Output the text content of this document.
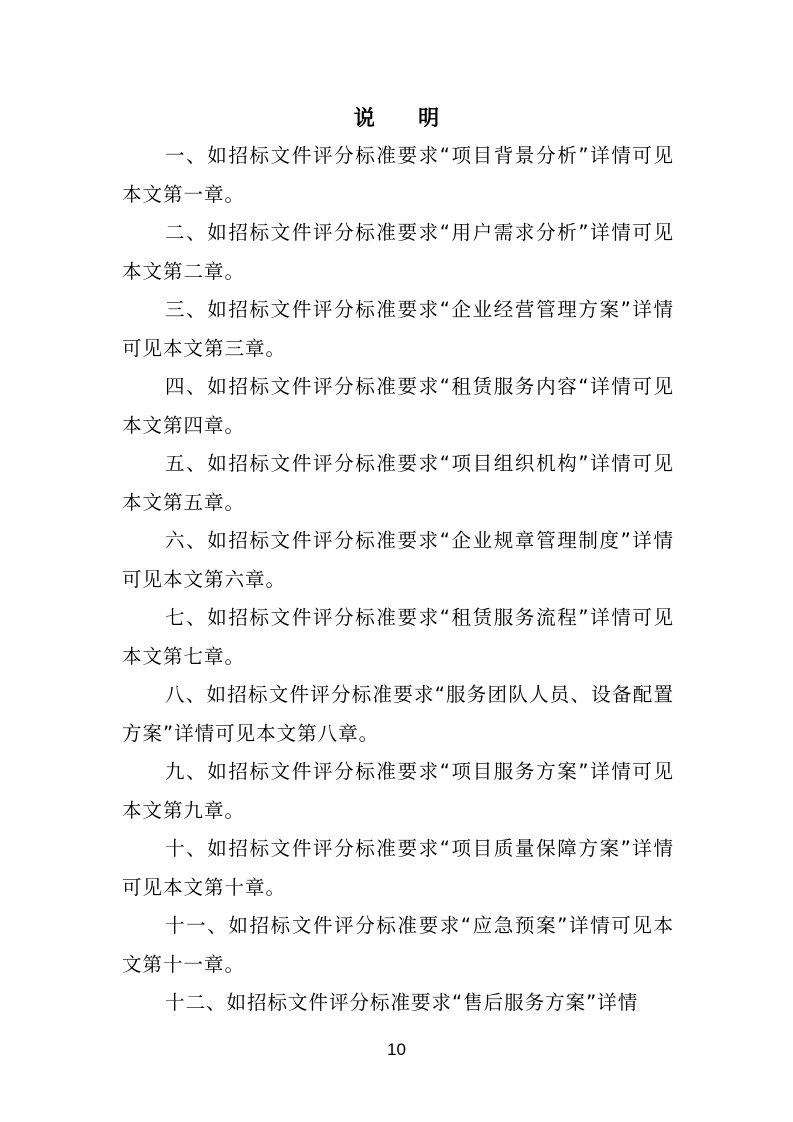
说 明

一、如招标文件评分标准要求“项目背景分析”详情可见本文第一章。

二、如招标文件评分标准要求“用户需求分析”详情可见本文第二章。

三、如招标文件评分标准要求“企业经营管理方案”详情可见本文第三章。

四、如招标文件评分标准要求“租赁服务内容“详情可见本文第四章。

五、如招标文件评分标准要求“项目组织机构”详情可见本文第五章。

六、如招标文件评分标准要求“企业规章管理制度”详情可见本文第六章。

七、如招标文件评分标准要求“租赁服务流程”详情可见本文第七章。

八、如招标文件评分标准要求“服务团队人员、设备配置方案”详情可见本文第八章。

九、如招标文件评分标准要求“项目服务方案”详情可见本文第九章。

十、如招标文件评分标准要求“项目质量保障方案”详情可见本文第十章。

十一、如招标文件评分标准要求“应急预案”详情可见本文第十一章。

十二、如招标文件评分标准要求“售后服务方案”详情

10
